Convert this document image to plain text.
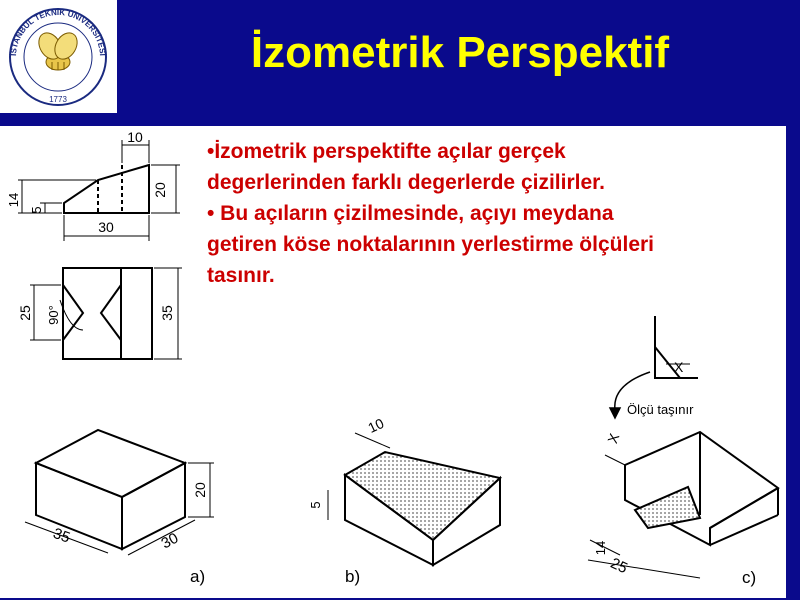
İSTANBUL TEKNİK ÜNİVERSİTESİ
1773
İzometrik Perspektif
10
14
5
20
30
25 90°	35
35	30
20
a)
10
5
b)
X
Ölçü taşınır
X
14
25
c)

•İzometrik perspektifte açılar gerçek degerlerinden farklı degerlerde çizilirler.

• Bu açıların çizilmesinde, açıyı meydana getiren köse noktalarının yerlestirme ölçüleri tasınır.
